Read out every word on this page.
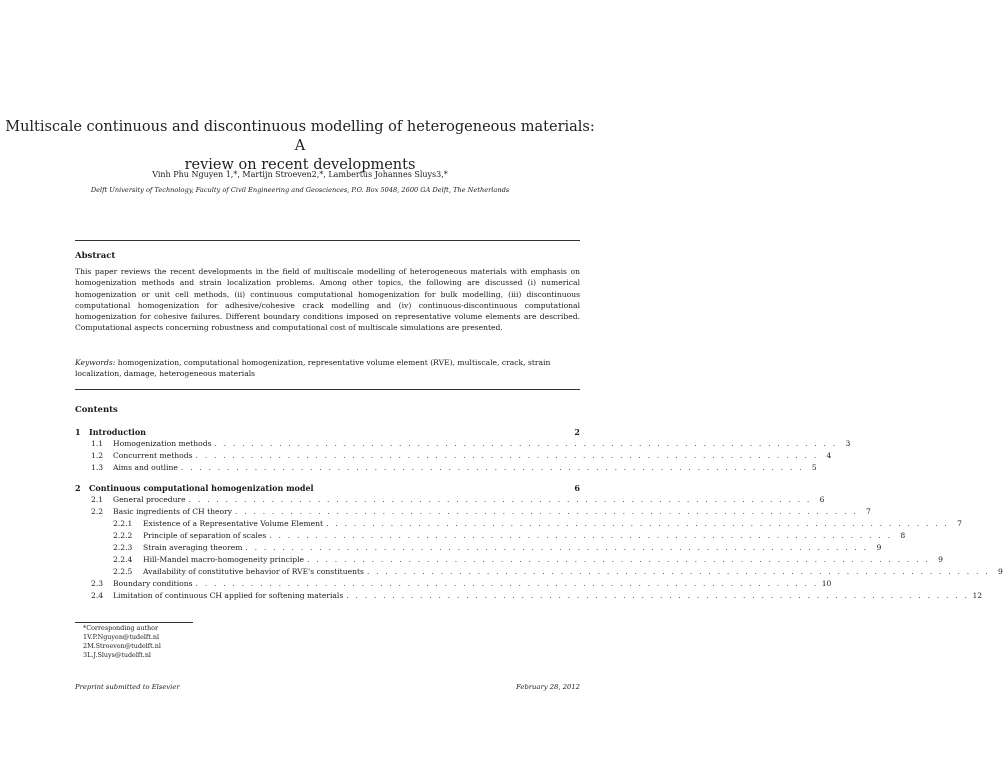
Multiscale continuous and discontinuous modelling of heterogeneous materials: A
review on recent developments
Vinh Phu Nguyen 1,*, Martijn Stroeven2,*, Lambertus Johannes Sluys3,*
Delft University of Technology, Faculty of Civil Engineering and Geosciences, P.O. Box 5048, 2600 GA Delft, The Netherlands
Abstract
This paper reviews the recent developments in the field of multiscale modelling of heterogeneous materials with emphasis on homogenization methods and strain localization problems. Among other topics, the following are discussed (i) numerical homogenization or unit cell methods, (ii) continuous computational homogenization for bulk modelling, (iii) discontinuous computational homogenization for adhesive/cohesive crack modelling and (iv) continuous-discontinuous computational homogenization for cohesive failures. Different boundary conditions imposed on representative volume elements are described. Computational aspects concerning robustness and computational cost of multiscale simulations are presented.
Keywords: homogenization, computational homogenization, representative volume element (RVE), multiscale, crack, strain localization, damage, heterogeneous materials
Contents
1	Introduction	2
1.1	Homogenization methods . . . . . . . . . . . . . . . . . . . . . . . . . . . . . . . . . . . . . . . . . . . . . . . . . . . . . . . . . . . . . . . . . . . .	3
1.2	Concurrent methods . . . . . . . . . . . . . . . . . . . . . . . . . . . . . . . . . . . . . . . . . . . . . . . . . . . . . . . . . . . . . . . . . . . .	4
1.3	Aims and outline . . . . . . . . . . . . . . . . . . . . . . . . . . . . . . . . . . . . . . . . . . . . . . . . . . . . . . . . . . . . . . . . . . . .	5
2	Continuous computational homogenization model	6
2.1	General procedure . . . . . . . . . . . . . . . . . . . . . . . . . . . . . . . . . . . . . . . . . . . . . . . . . . . . . . . . . . . . . . . . . . . .	6
2.2	Basic ingredients of CH theory . . . . . . . . . . . . . . . . . . . . . . . . . . . . . . . . . . . . . . . . . . . . . . . . . . . . . . . . . . . . . . . . . . . .	7
2.2.1	Existence of a Representative Volume Element . . . . . . . . . . . . . . . . . . . . . . . . . . . . . . . . . . . . . . . . . . . . . . . . . . . . . . . . . . . . . . . . . . . .	7
2.2.2	Principle of separation of scales . . . . . . . . . . . . . . . . . . . . . . . . . . . . . . . . . . . . . . . . . . . . . . . . . . . . . . . . . . . . . . . . . . . .	8
2.2.3	Strain averaging theorem . . . . . . . . . . . . . . . . . . . . . . . . . . . . . . . . . . . . . . . . . . . . . . . . . . . . . . . . . . . . . . . . . . . .	9
2.2.4	Hill-Mandel macro-homogeneity principle . . . . . . . . . . . . . . . . . . . . . . . . . . . . . . . . . . . . . . . . . . . . . . . . . . . . . . . . . . . . . . . . . . . .	9
2.2.5	Availability of constitutive behavior of RVE's constituents . . . . . . . . . . . . . . . . . . . . . . . . . . . . . . . . . . . . . . . . . . . . . . . . . . . . . . . . . . . . . . . . . . . .	9
2.3	Boundary conditions . . . . . . . . . . . . . . . . . . . . . . . . . . . . . . . . . . . . . . . . . . . . . . . . . . . . . . . . . . . . . . . . . . . . 10
2.4	Limitation of continuous CH applied for softening materials . . . . . . . . . . . . . . . . . . . . . . . . . . . . . . . . . . . . . . . . . . . . . . . . . . . . . . . . . . . . . . . . . . . . 12
*Corresponding author
1V.P.Nguyen@tudelft.nl
2M.Stroeven@tudelft.nl
3L.J.Sluys@tudelft.nl
Preprint submitted to Elsevier	February 28, 2012
